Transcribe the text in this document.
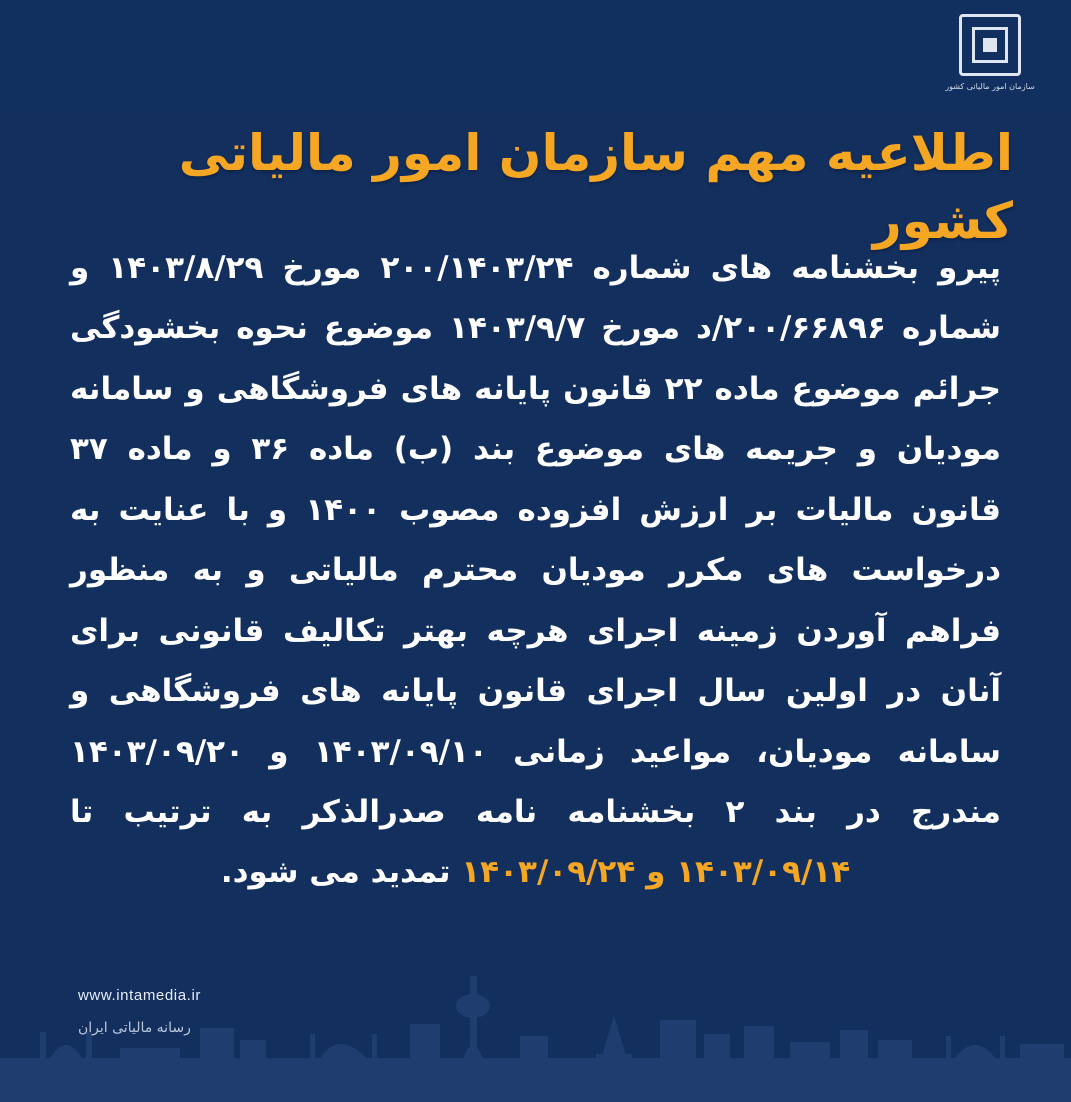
سازمان امور مالیاتی کشور
اطلاعیه مهم سازمان امور مالیاتی کشور
پیرو بخشنامه های شماره ۲۰۰/۱۴۰۳/۲۴ مورخ ۱۴۰۳/۸/۲۹ و شماره ۲۰۰/۶۶۸۹۶/د مورخ ۱۴۰۳/۹/۷ موضوع نحوه بخشودگی جرائم موضوع ماده ۲۲ قانون پایانه های فروشگاهی و سامانه مودیان و جریمه های موضوع بند (ب) ماده ۳۶ و ماده ۳۷ قانون مالیات بر ارزش افزوده مصوب ۱۴۰۰ و با عنایت به درخواست های مکرر مودیان محترم مالیاتی و به منظور فراهم آوردن زمینه اجرای هرچه بهتر تکالیف قانونی برای آنان در اولین سال اجرای قانون پایانه های فروشگاهی و سامانه مودیان، مواعید زمانی ۱۴۰۳/۰۹/۱۰ و ۱۴۰۳/۰۹/۲۰ مندرج در بند ۲ بخشنامه نامه صدرالذکر به ترتیب تا ۱۴۰۳/۰۹/۱۴ و ۱۴۰۳/۰۹/۲۴ تمدید می شود.
www.intamedia.ir
رسانه مالیاتی ایران
